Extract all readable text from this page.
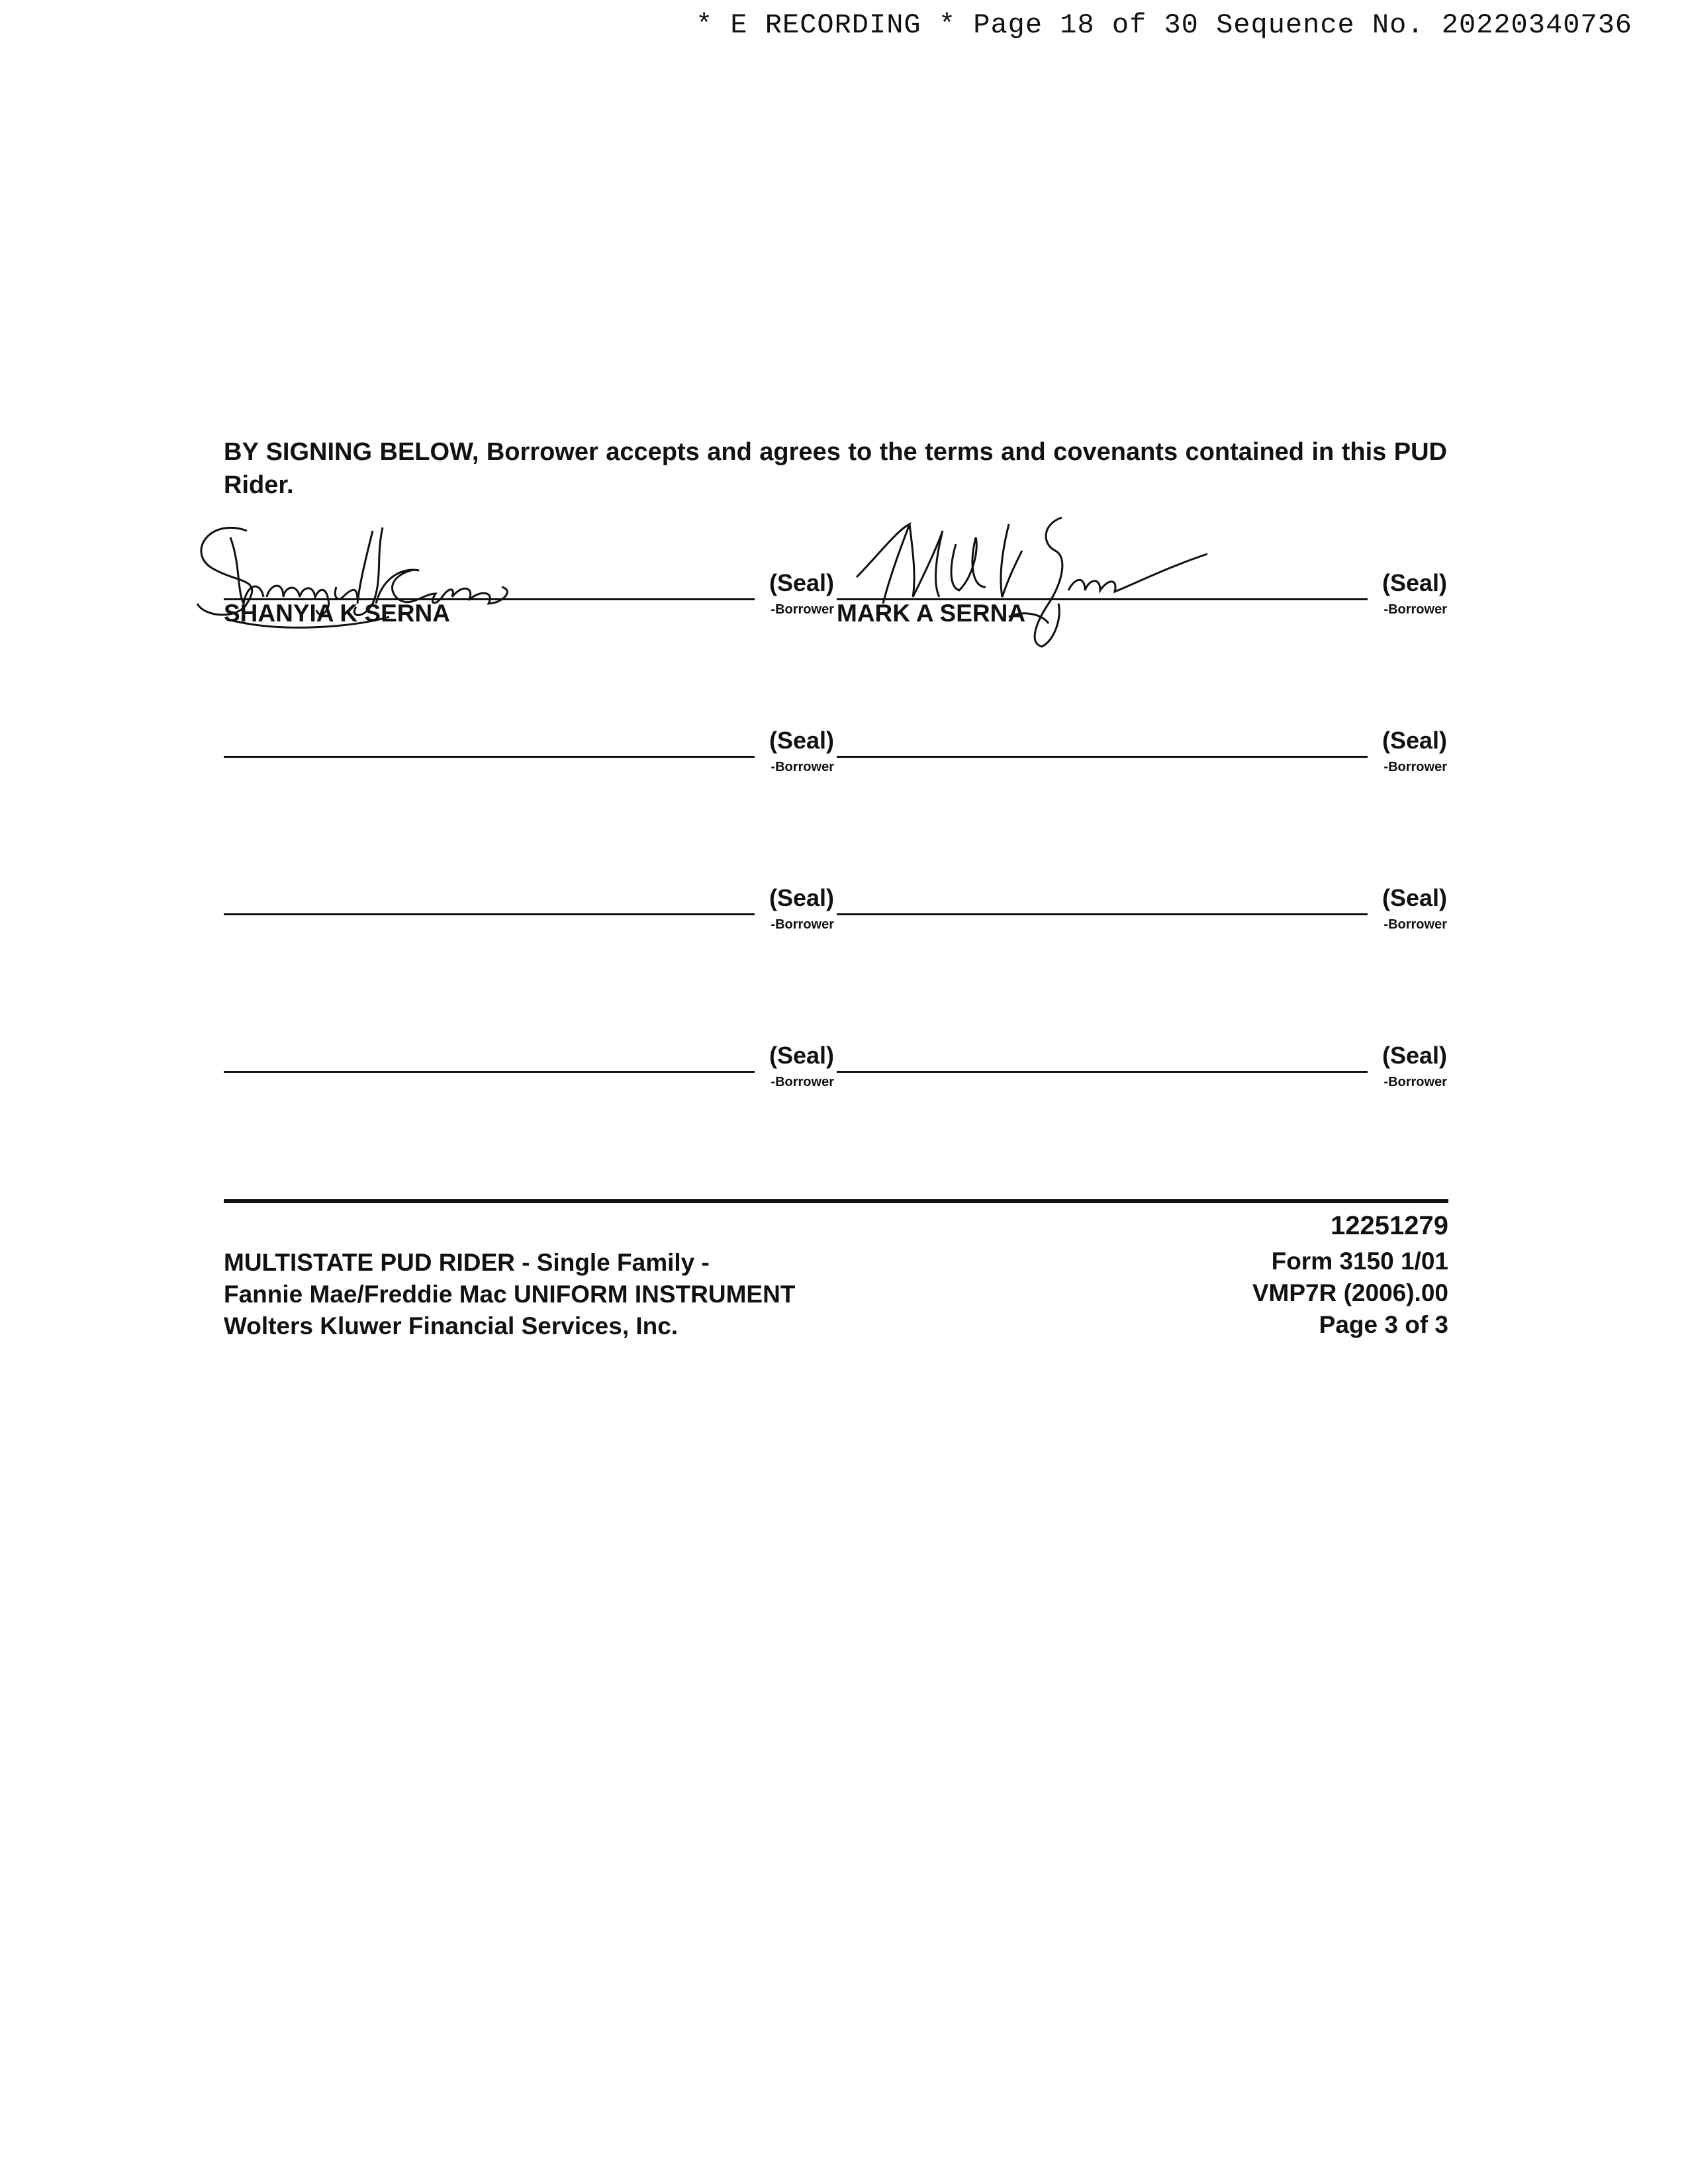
* E RECORDING * Page 18 of 30 Sequence No. 20220340736
BY SIGNING BELOW, Borrower accepts and agrees to the terms and covenants contained in this PUD Rider.
(Seal)
-Borrower
SHANYIA K SERNA
(Seal)
-Borrower
MARK A SERNA
(Seal)
-Borrower
(Seal)
-Borrower
(Seal)
-Borrower
(Seal)
-Borrower
(Seal)
-Borrower
(Seal)
-Borrower
MULTISTATE PUD RIDER - Single Family -
Fannie Mae/Freddie Mac UNIFORM INSTRUMENT
Wolters Kluwer Financial Services, Inc.
12251279
Form 3150 1/01
VMP7R (2006).00
Page 3 of 3
